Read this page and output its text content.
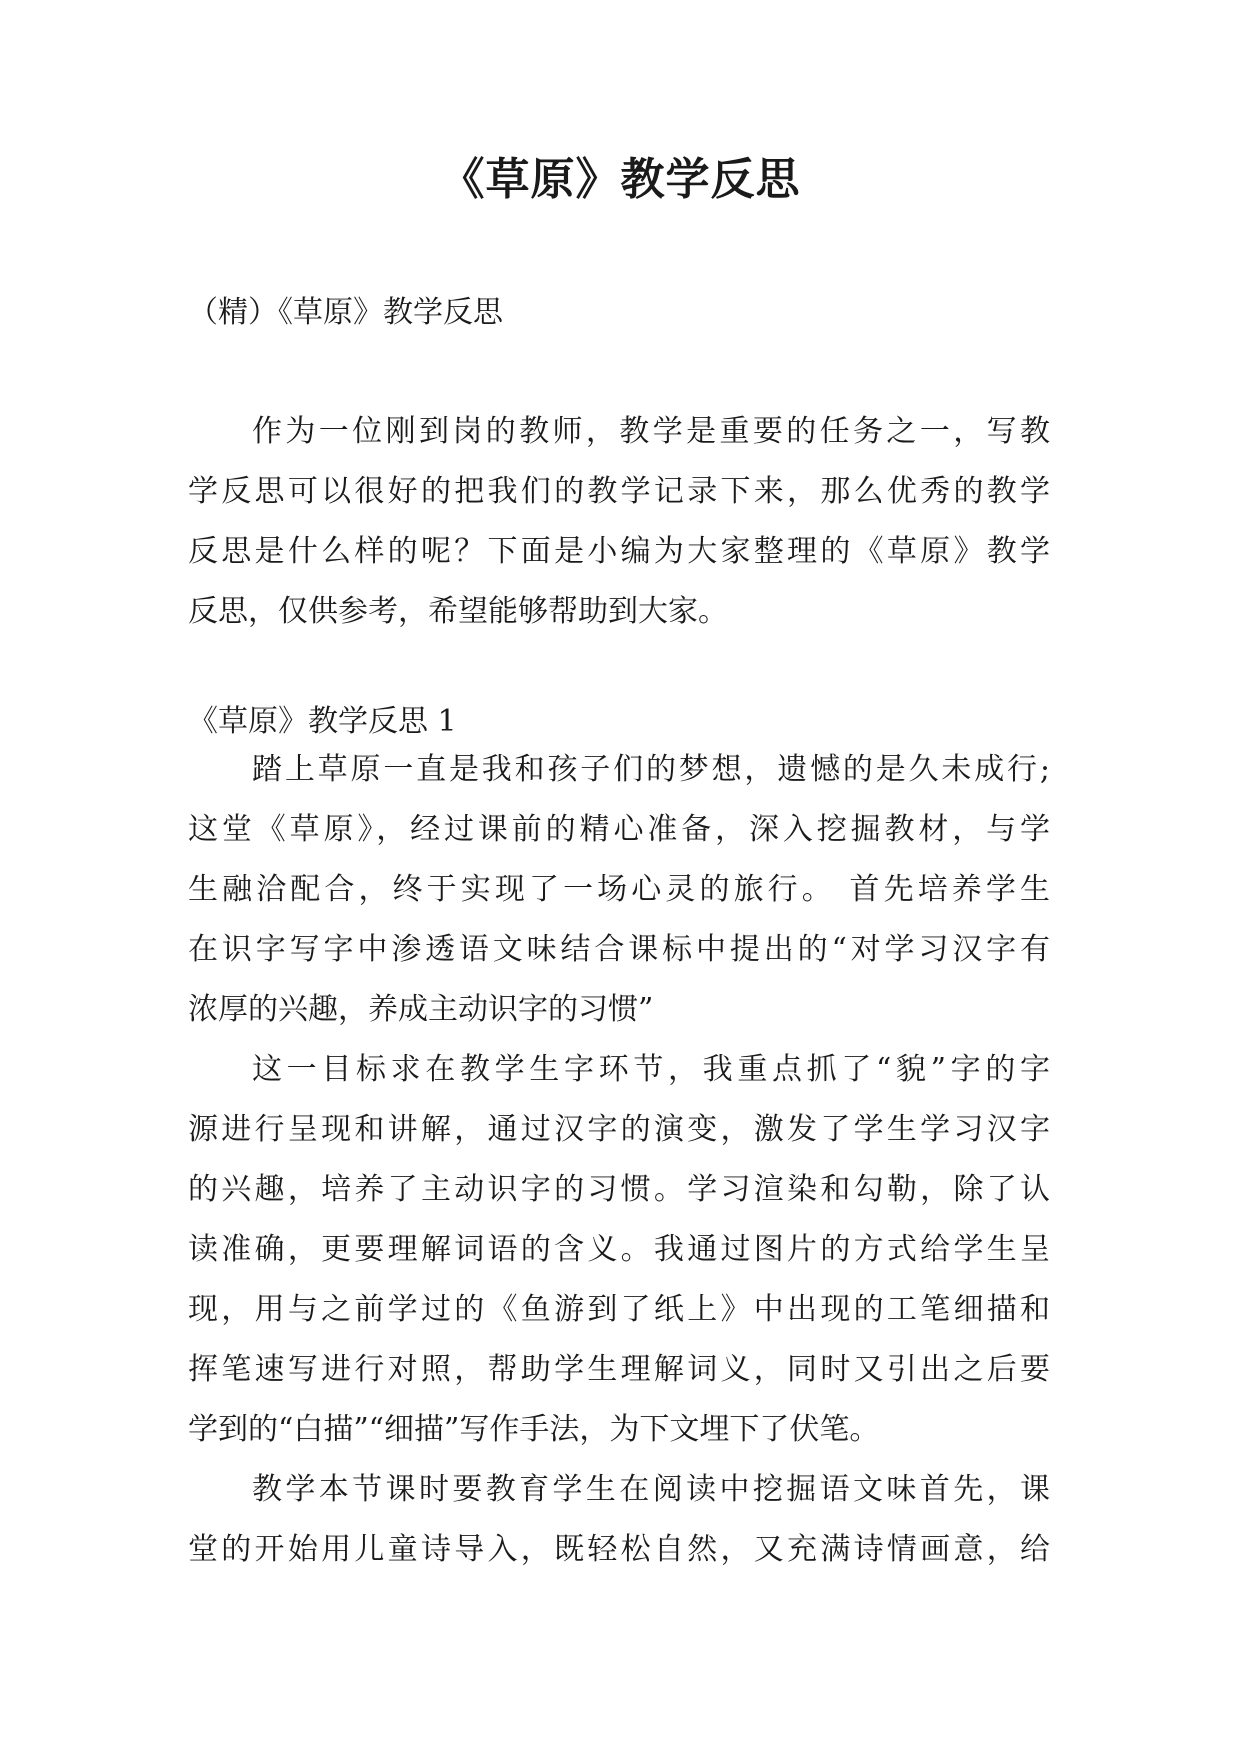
《草原》教学反思
（精）《草原》教学反思
作为一位刚到岗的教师，教学是重要的任务之一，写教
学反思可以很好的把我们的教学记录下来，那么优秀的教学
反思是什么样的呢？下面是小编为大家整理的《草原》教学
反思，仅供参考，希望能够帮助到大家。
《草原》教学反思 1
踏上草原一直是我和孩子们的梦想，遗憾的是久未成行;
这堂《草原》，经过课前的精心准备，深入挖掘教材，与学
生融洽配合，终于实现了一场心灵的旅行。 首先培养学生
在识字写字中渗透语文味结合课标中提出的“对学习汉字有
浓厚的兴趣，养成主动识字的习惯”
这一目标求在教学生字环节，我重点抓了“貌”字的字
源进行呈现和讲解，通过汉字的演变，激发了学生学习汉字
的兴趣，培养了主动识字的习惯。学习渲染和勾勒，除了认
读准确，更要理解词语的含义。我通过图片的方式给学生呈
现，用与之前学过的《鱼游到了纸上》中出现的工笔细描和
挥笔速写进行对照，帮助学生理解词义，同时又引出之后要
学到的“白描”“细描”写作手法，为下文埋下了伏笔。
教学本节课时要教育学生在阅读中挖掘语文味首先，课
堂的开始用儿童诗导入，既轻松自然，又充满诗情画意，给
